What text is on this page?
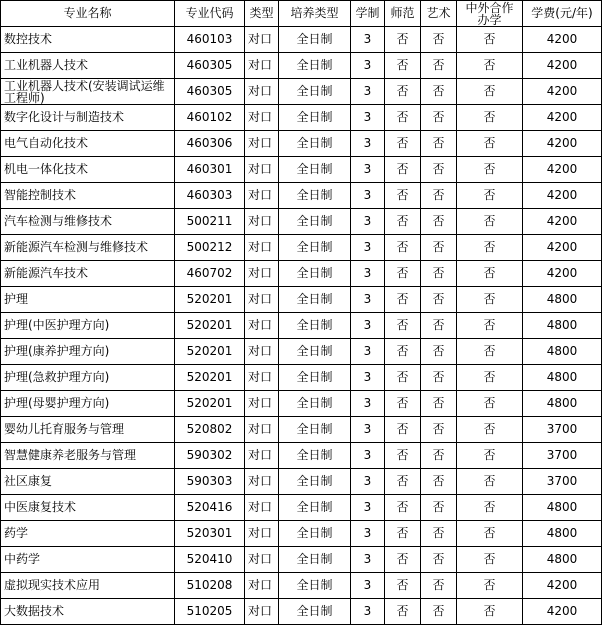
专业名称	专业代码	类型	培养类型	学制	师范	艺术	中外合作办学	学费(元/年)
数控技术	460103	对口	全日制	3	否	否	否	4200
工业机器人技术	460305	对口	全日制	3	否	否	否	4200
工业机器人技术(安装调试运维工程师)	460305	对口	全日制	3	否	否	否	4200
数字化设计与制造技术	460102	对口	全日制	3	否	否	否	4200
电气自动化技术	460306	对口	全日制	3	否	否	否	4200
机电一体化技术	460301	对口	全日制	3	否	否	否	4200
智能控制技术	460303	对口	全日制	3	否	否	否	4200
汽车检测与维修技术	500211	对口	全日制	3	否	否	否	4200
新能源汽车检测与维修技术	500212	对口	全日制	3	否	否	否	4200
新能源汽车技术	460702	对口	全日制	3	否	否	否	4200
护理	520201	对口	全日制	3	否	否	否	4800
护理(中医护理方向)	520201	对口	全日制	3	否	否	否	4800
护理(康养护理方向)	520201	对口	全日制	3	否	否	否	4800
护理(急救护理方向)	520201	对口	全日制	3	否	否	否	4800
护理(母婴护理方向)	520201	对口	全日制	3	否	否	否	4800
婴幼儿托育服务与管理	520802	对口	全日制	3	否	否	否	3700
智慧健康养老服务与管理	590302	对口	全日制	3	否	否	否	3700
社区康复	590303	对口	全日制	3	否	否	否	3700
中医康复技术	520416	对口	全日制	3	否	否	否	4800
药学	520301	对口	全日制	3	否	否	否	4800
中药学	520410	对口	全日制	3	否	否	否	4800
虚拟现实技术应用	510208	对口	全日制	3	否	否	否	4200
大数据技术	510205	对口	全日制	3	否	否	否	4200
